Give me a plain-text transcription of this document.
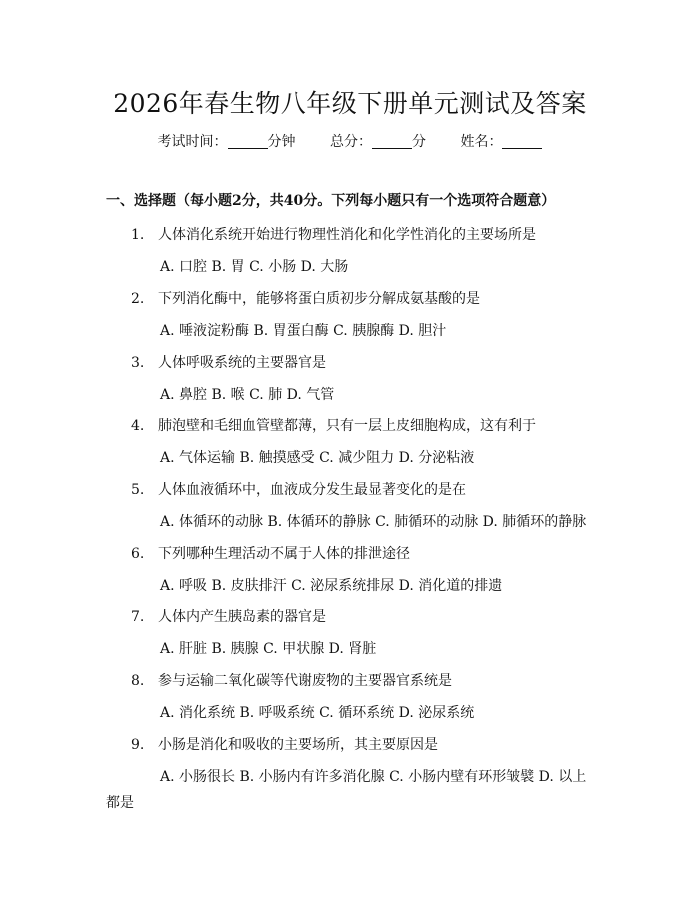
2026年春生物八年级下册单元测试及答案
考试时间：	分钟 总分：	分 姓名：
一、选择题（每小题2分，共40分。下列每小题只有一个选项符合题意）
1. 人体消化系统开始进行物理性消化和化学性消化的主要场所是
A. 口腔 B. 胃 C. 小肠 D. 大肠
2. 下列消化酶中，能够将蛋白质初步分解成氨基酸的是
A. 唾液淀粉酶 B. 胃蛋白酶 C. 胰腺酶 D. 胆汁
3. 人体呼吸系统的主要器官是
A. 鼻腔 B. 喉 C. 肺 D. 气管
4. 肺泡壁和毛细血管壁都薄，只有一层上皮细胞构成，这有利于
A. 气体运输 B. 触摸感受 C. 减少阻力 D. 分泌粘液
5. 人体血液循环中，血液成分发生最显著变化的是在
A. 体循环的动脉 B. 体循环的静脉 C. 肺循环的动脉 D. 肺循环的静脉
6. 下列哪种生理活动不属于人体的排泄途径
A. 呼吸 B. 皮肤排汗 C. 泌尿系统排尿 D. 消化道的排遗
7. 人体内产生胰岛素的器官是
A. 肝脏 B. 胰腺 C. 甲状腺 D. 肾脏
8. 参与运输二氧化碳等代谢废物的主要器官系统是
A. 消化系统 B. 呼吸系统 C. 循环系统 D. 泌尿系统
9. 小肠是消化和吸收的主要场所，其主要原因是
A. 小肠很长 B. 小肠内有许多消化腺 C. 小肠内壁有环形皱襞 D. 以上
都是
